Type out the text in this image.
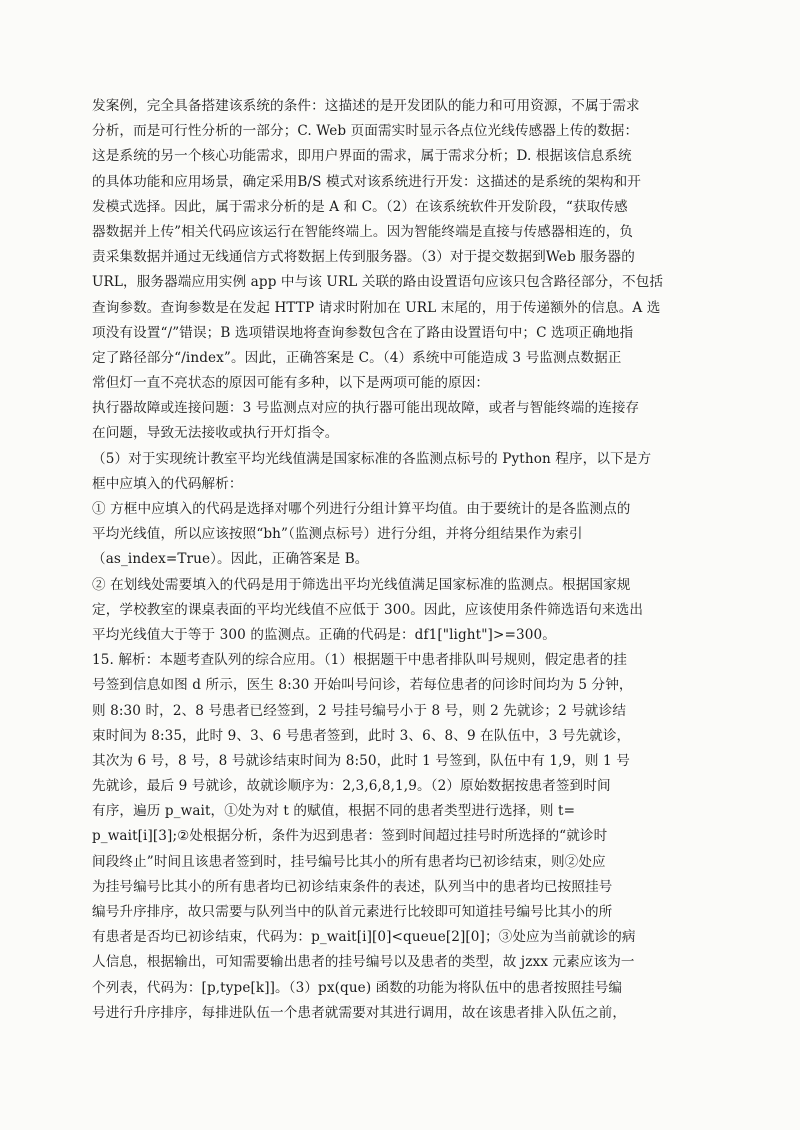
发案例，完全具备搭建该系统的条件：这描述的是开发团队的能力和可用资源，不属于需求
分析，而是可行性分析的一部分；C. Web 页面需实时显示各点位光线传感器上传的数据：
这是系统的另一个核心功能需求，即用户界面的需求，属于需求分析；D. 根据该信息系统
的具体功能和应用场景，确定采用B/S 模式对该系统进行开发：这描述的是系统的架构和开
发模式选择。因此，属于需求分析的是 A 和 C。（2）在该系统软件开发阶段，“获取传感
器数据并上传”相关代码应该运行在智能终端上。因为智能终端是直接与传感器相连的，负
责采集数据并通过无线通信方式将数据上传到服务器。（3）对于提交数据到Web 服务器的
URL，服务器端应用实例 app 中与该 URL 关联的路由设置语句应该只包含路径部分，不包括
查询参数。查询参数是在发起 HTTP 请求时附加在 URL 末尾的，用于传递额外的信息。A 选
项没有设置“/”错误；B 选项错误地将查询参数包含在了路由设置语句中；C 选项正确地指
定了路径部分“/index”。因此，正确答案是 C。（4）系统中可能造成 3 号监测点数据正
常但灯一直不亮状态的原因可能有多种，以下是两项可能的原因：
执行器故障或连接问题：3 号监测点对应的执行器可能出现故障，或者与智能终端的连接存
在问题，导致无法接收或执行开灯指令。
（5）对于实现统计教室平均光线值满是国家标准的各监测点标号的 Python 程序，以下是方
框中应填入的代码解析：
① 方框中应填入的代码是选择对哪个列进行分组计算平均值。由于要统计的是各监测点的
平均光线值，所以应该按照“bh”（监测点标号）进行分组，并将分组结果作为索引
（as_index=True）。因此，正确答案是 B。
② 在划线处需要填入的代码是用于筛选出平均光线值满足国家标准的监测点。根据国家规
定，学校教室的课桌表面的平均光线值不应低于 300。因此，应该使用条件筛选语句来选出
平均光线值大于等于 300 的监测点。正确的代码是：df1["light"]>=300。
15. 解析：本题考查队列的综合应用。（1）根据题干中患者排队叫号规则，假定患者的挂
号签到信息如图 d 所示，医生 8:30 开始叫号问诊，若每位患者的问诊时间均为 5 分钟，
则 8:30 时，2、8 号患者已经签到，2 号挂号编号小于 8 号，则 2 先就诊；2 号就诊结
束时间为 8:35，此时 9、3、6 号患者签到，此时 3、6、8、9 在队伍中，3 号先就诊，
其次为 6 号，8 号，8 号就诊结束时间为 8:50，此时 1 号签到，队伍中有 1,9，则 1 号
先就诊，最后 9 号就诊，故就诊顺序为：2,3,6,8,1,9。（2）原始数据按患者签到时间
有序，遍历 p_wait，①处为对 t 的赋值，根据不同的患者类型进行选择，则 t=
p_wait[i][3];②处根据分析，条件为迟到患者：签到时间超过挂号时所选择的“就诊时
间段终止”时间且该患者签到时，挂号编号比其小的所有患者均已初诊结束，则②处应
为挂号编号比其小的所有患者均已初诊结束条件的表述，队列当中的患者均已按照挂号
编号升序排序，故只需要与队列当中的队首元素进行比较即可知道挂号编号比其小的所
有患者是否均已初诊结束，代码为：p_wait[i][0]<queue[2][0]；③处应为当前就诊的病
人信息，根据输出，可知需要输出患者的挂号编号以及患者的类型，故 jzxx 元素应该为一
个列表，代码为：[p,type[k]]。（3）px(que) 函数的功能为将队伍中的患者按照挂号编
号进行升序排序，每排进队伍一个患者就需要对其进行调用，故在该患者排入队伍之前，
